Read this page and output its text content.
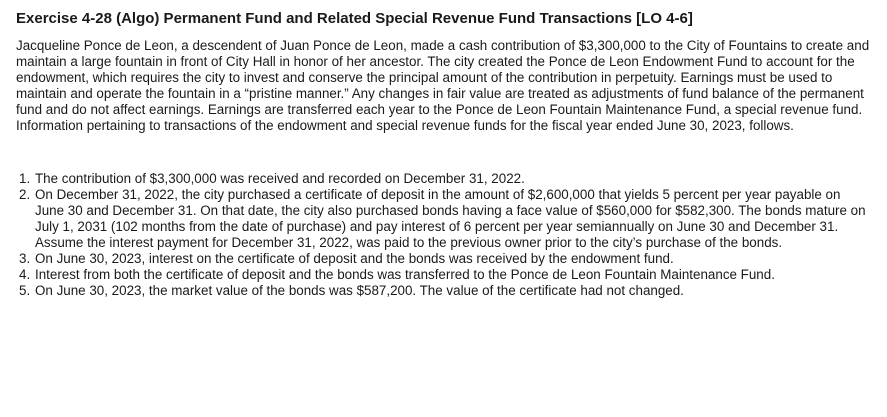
Exercise 4-28 (Algo) Permanent Fund and Related Special Revenue Fund Transactions [LO 4-6]

Jacqueline Ponce de Leon, a descendent of Juan Ponce de Leon, made a cash contribution of $3,300,000 to the City of Fountains to create and maintain a large fountain in front of City Hall in honor of her ancestor. The city created the Ponce de Leon Endowment Fund to account for the endowment, which requires the city to invest and conserve the principal amount of the contribution in perpetuity. Earnings must be used to maintain and operate the fountain in a “pristine manner.” Any changes in fair value are treated as adjustments of fund balance of the permanent fund and do not affect earnings. Earnings are transferred each year to the Ponce de Leon Fountain Maintenance Fund, a special revenue fund. Information pertaining to transactions of the endowment and special revenue funds for the fiscal year ended June 30, 2023, follows.

1. The contribution of $3,300,000 was received and recorded on December 31, 2022.
2. On December 31, 2022, the city purchased a certificate of deposit in the amount of $2,600,000 that yields 5 percent per year payable on June 30 and December 31. On that date, the city also purchased bonds having a face value of $560,000 for $582,300. The bonds mature on July 1, 2031 (102 months from the date of purchase) and pay interest of 6 percent per year semiannually on June 30 and December 31. Assume the interest payment for December 31, 2022, was paid to the previous owner prior to the city’s purchase of the bonds.
3. On June 30, 2023, interest on the certificate of deposit and the bonds was received by the endowment fund.
4. Interest from both the certificate of deposit and the bonds was transferred to the Ponce de Leon Fountain Maintenance Fund.
5. On June 30, 2023, the market value of the bonds was $587,200. The value of the certificate had not changed.
